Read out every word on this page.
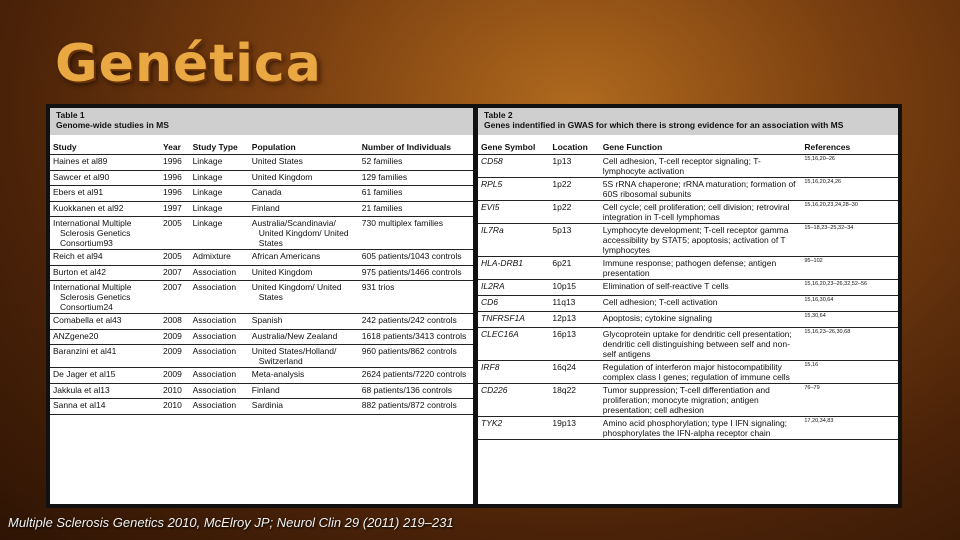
Genética
Table 1
Genome-wide studies in MS
Study	Year	Study Type	Population	Number of Individuals
Haines et al89	1996	Linkage	United States	52 families
Sawcer et al90	1996	Linkage	United Kingdom	129 families
Ebers et al91	1996	Linkage	Canada	61 families
Kuokkanen et al92	1997	Linkage	Finland	21 families
International Multiple Sclerosis Genetics Consortium93	2005	Linkage	Australia/Scandinavia/ United Kingdom/ United States	730 multiplex families
Reich et al94	2005	Admixture	African Americans	605 patients/1043 controls
Burton et al42	2007	Association	United Kingdom	975 patients/1466 controls
International Multiple Sclerosis Genetics Consortium24	2007	Association	United Kingdom/ United States	931 trios
Comabella et al43	2008	Association	Spanish	242 patients/242 controls
ANZgene20	2009	Association	Australia/New Zealand	1618 patients/3413 controls
Baranzini et al41	2009	Association	United States/Holland/ Switzerland	960 patients/862 controls
De Jager et al15	2009	Association	Meta-analysis	2624 patients/7220 controls
Jakkula et al13	2010	Association	Finland	68 patients/136 controls
Sanna et al14	2010	Association	Sardinia	882 patients/872 controls
Table 2
Genes indentified in GWAS for which there is strong evidence for an association with MS
Gene Symbol	Location	Gene Function	References
CD58	1p13	Cell adhesion, T-cell receptor signaling; T-lymphocyte activation	15,16,20–26
RPL5	1p22	5S rRNA chaperone; rRNA maturation; formation of 60S ribosomal subunits	15,16,20,24,26
EVI5	1p22	Cell cycle; cell proliferation; cell division; retroviral integration in T-cell lymphomas	15,16,20,23,24,28–30
IL7Ra	5p13	Lymphocyte development; T-cell receptor gamma accessibility by STAT5; apoptosis; activation of T lymphocytes	15–18,23–25,32–34
HLA-DRB1	6p21	Immune response; pathogen defense; antigen presentation	95–102
IL2RA	10p15	Elimination of self-reactive T cells	15,16,20,23–26,32,52–56
CD6	11q13	Cell adhesion; T-cell activation	15,16,30,64
TNFRSF1A	12p13	Apoptosis; cytokine signaling	15,30,64
CLEC16A	16p13	Glycoprotein uptake for dendritic cell presentation; dendritic cell distinguishing between self and non-self antigens	15,16,23–26,30,68
IRF8	16q24	Regulation of interferon major histocompatibility complex class I genes; regulation of immune cells	15,16
CD226	18q22	Tumor suppression; T-cell differentiation and proliferation; monocyte migration; antigen presentation; cell adhesion	76–79
TYK2	19p13	Amino acid phosphorylation; type I IFN signaling; phosphorylates the IFN-alpha receptor chain	17,20,34,83
Multiple Sclerosis Genetics 2010, McElroy JP; Neurol Clin 29 (2011) 219–231
